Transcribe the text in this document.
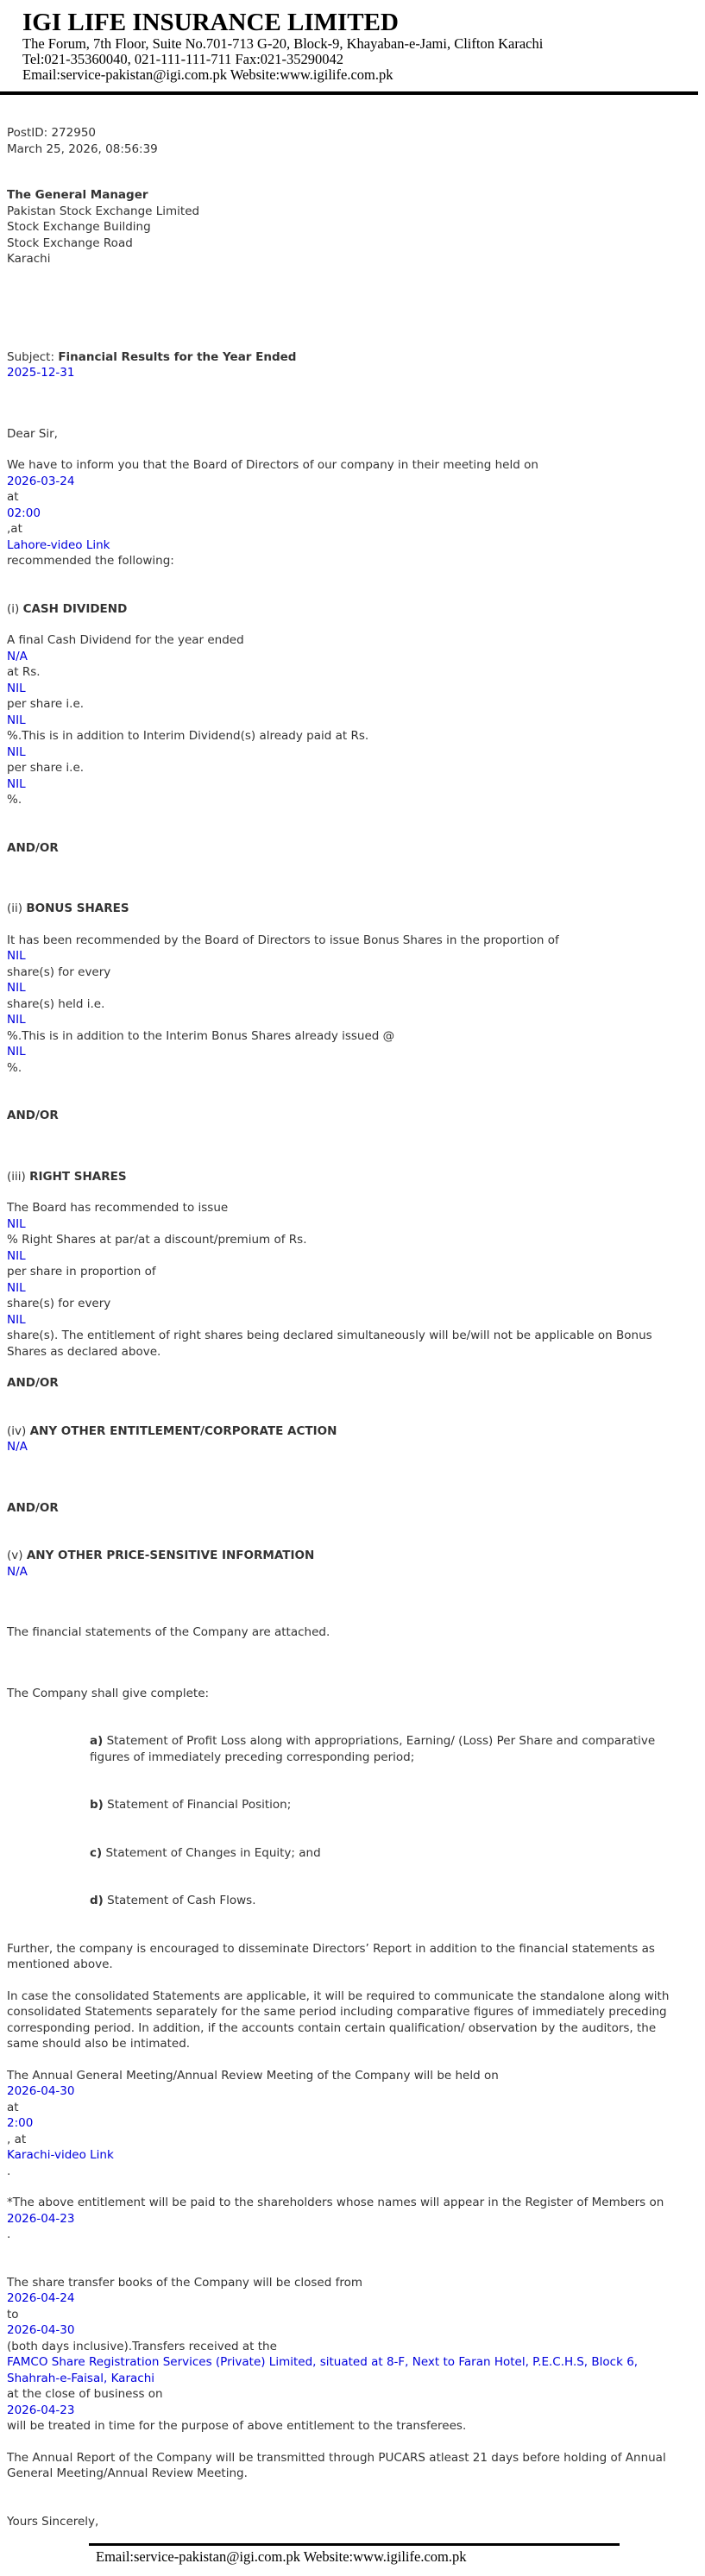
IGI LIFE INSURANCE LIMITED
The Forum, 7th Floor, Suite No.701-713 G-20, Block-9, Khayaban-e-Jami, Clifton Karachi
Tel:021-35360040, 021-111-111-711 Fax:021-35290042
Email:service-pakistan@igi.com.pk Website:www.igilife.com.pk
PostID: 272950
March 25, 2026, 08:56:39
The General Manager
Pakistan Stock Exchange Limited
Stock Exchange Building
Stock Exchange Road
Karachi
Subject: Financial Results for the Year Ended
2025-12-31
Dear Sir,
We have to inform you that the Board of Directors of our company in their meeting held on
2026-03-24
at
02:00
,at
Lahore-video Link
recommended the following:
(i) CASH DIVIDEND
A final Cash Dividend for the year ended
N/A
at Rs.
NIL
per share i.e.
NIL
%.This is in addition to Interim Dividend(s) already paid at Rs.
NIL
per share i.e.
NIL
%.
AND/OR
(ii) BONUS SHARES
It has been recommended by the Board of Directors to issue Bonus Shares in the proportion of
NIL
share(s) for every
NIL
share(s) held i.e.
NIL
%.This is in addition to the Interim Bonus Shares already issued @
NIL
%.
AND/OR
(iii) RIGHT SHARES
The Board has recommended to issue
NIL
% Right Shares at par/at a discount/premium of Rs.
NIL
per share in proportion of
NIL
share(s) for every
NIL
share(s). The entitlement of right shares being declared simultaneously will be/will not be applicable on Bonus Shares as declared above.
AND/OR
(iv) ANY OTHER ENTITLEMENT/CORPORATE ACTION
N/A
AND/OR
(v) ANY OTHER PRICE-SENSITIVE INFORMATION
N/A
The financial statements of the Company are attached.
The Company shall give complete:
a) Statement of Profit Loss along with appropriations, Earning/ (Loss) Per Share and comparative figures of immediately preceding corresponding period;
b) Statement of Financial Position;
c) Statement of Changes in Equity; and
d) Statement of Cash Flows.
Further, the company is encouraged to disseminate Directors’ Report in addition to the financial statements as mentioned above.
In case the consolidated Statements are applicable, it will be required to communicate the standalone along with consolidated Statements separately for the same period including comparative figures of immediately preceding corresponding period. In addition, if the accounts contain certain qualification/ observation by the auditors, the same should also be intimated.
The Annual General Meeting/Annual Review Meeting of the Company will be held on
2026-04-30
at
2:00
, at
Karachi-video Link
.
*The above entitlement will be paid to the shareholders whose names will appear in the Register of Members on
2026-04-23
.
The share transfer books of the Company will be closed from
2026-04-24
to
2026-04-30
(both days inclusive).Transfers received at the
FAMCO Share Registration Services (Private) Limited, situated at 8-F, Next to Faran Hotel, P.E.C.H.S, Block 6, Shahrah-e-Faisal, Karachi
at the close of business on
2026-04-23
will be treated in time for the purpose of above entitlement to the transferees.
The Annual Report of the Company will be transmitted through PUCARS atleast 21 days before holding of Annual General Meeting/Annual Review Meeting.
Yours Sincerely,
Email:service-pakistan@igi.com.pk Website:www.igilife.com.pk
